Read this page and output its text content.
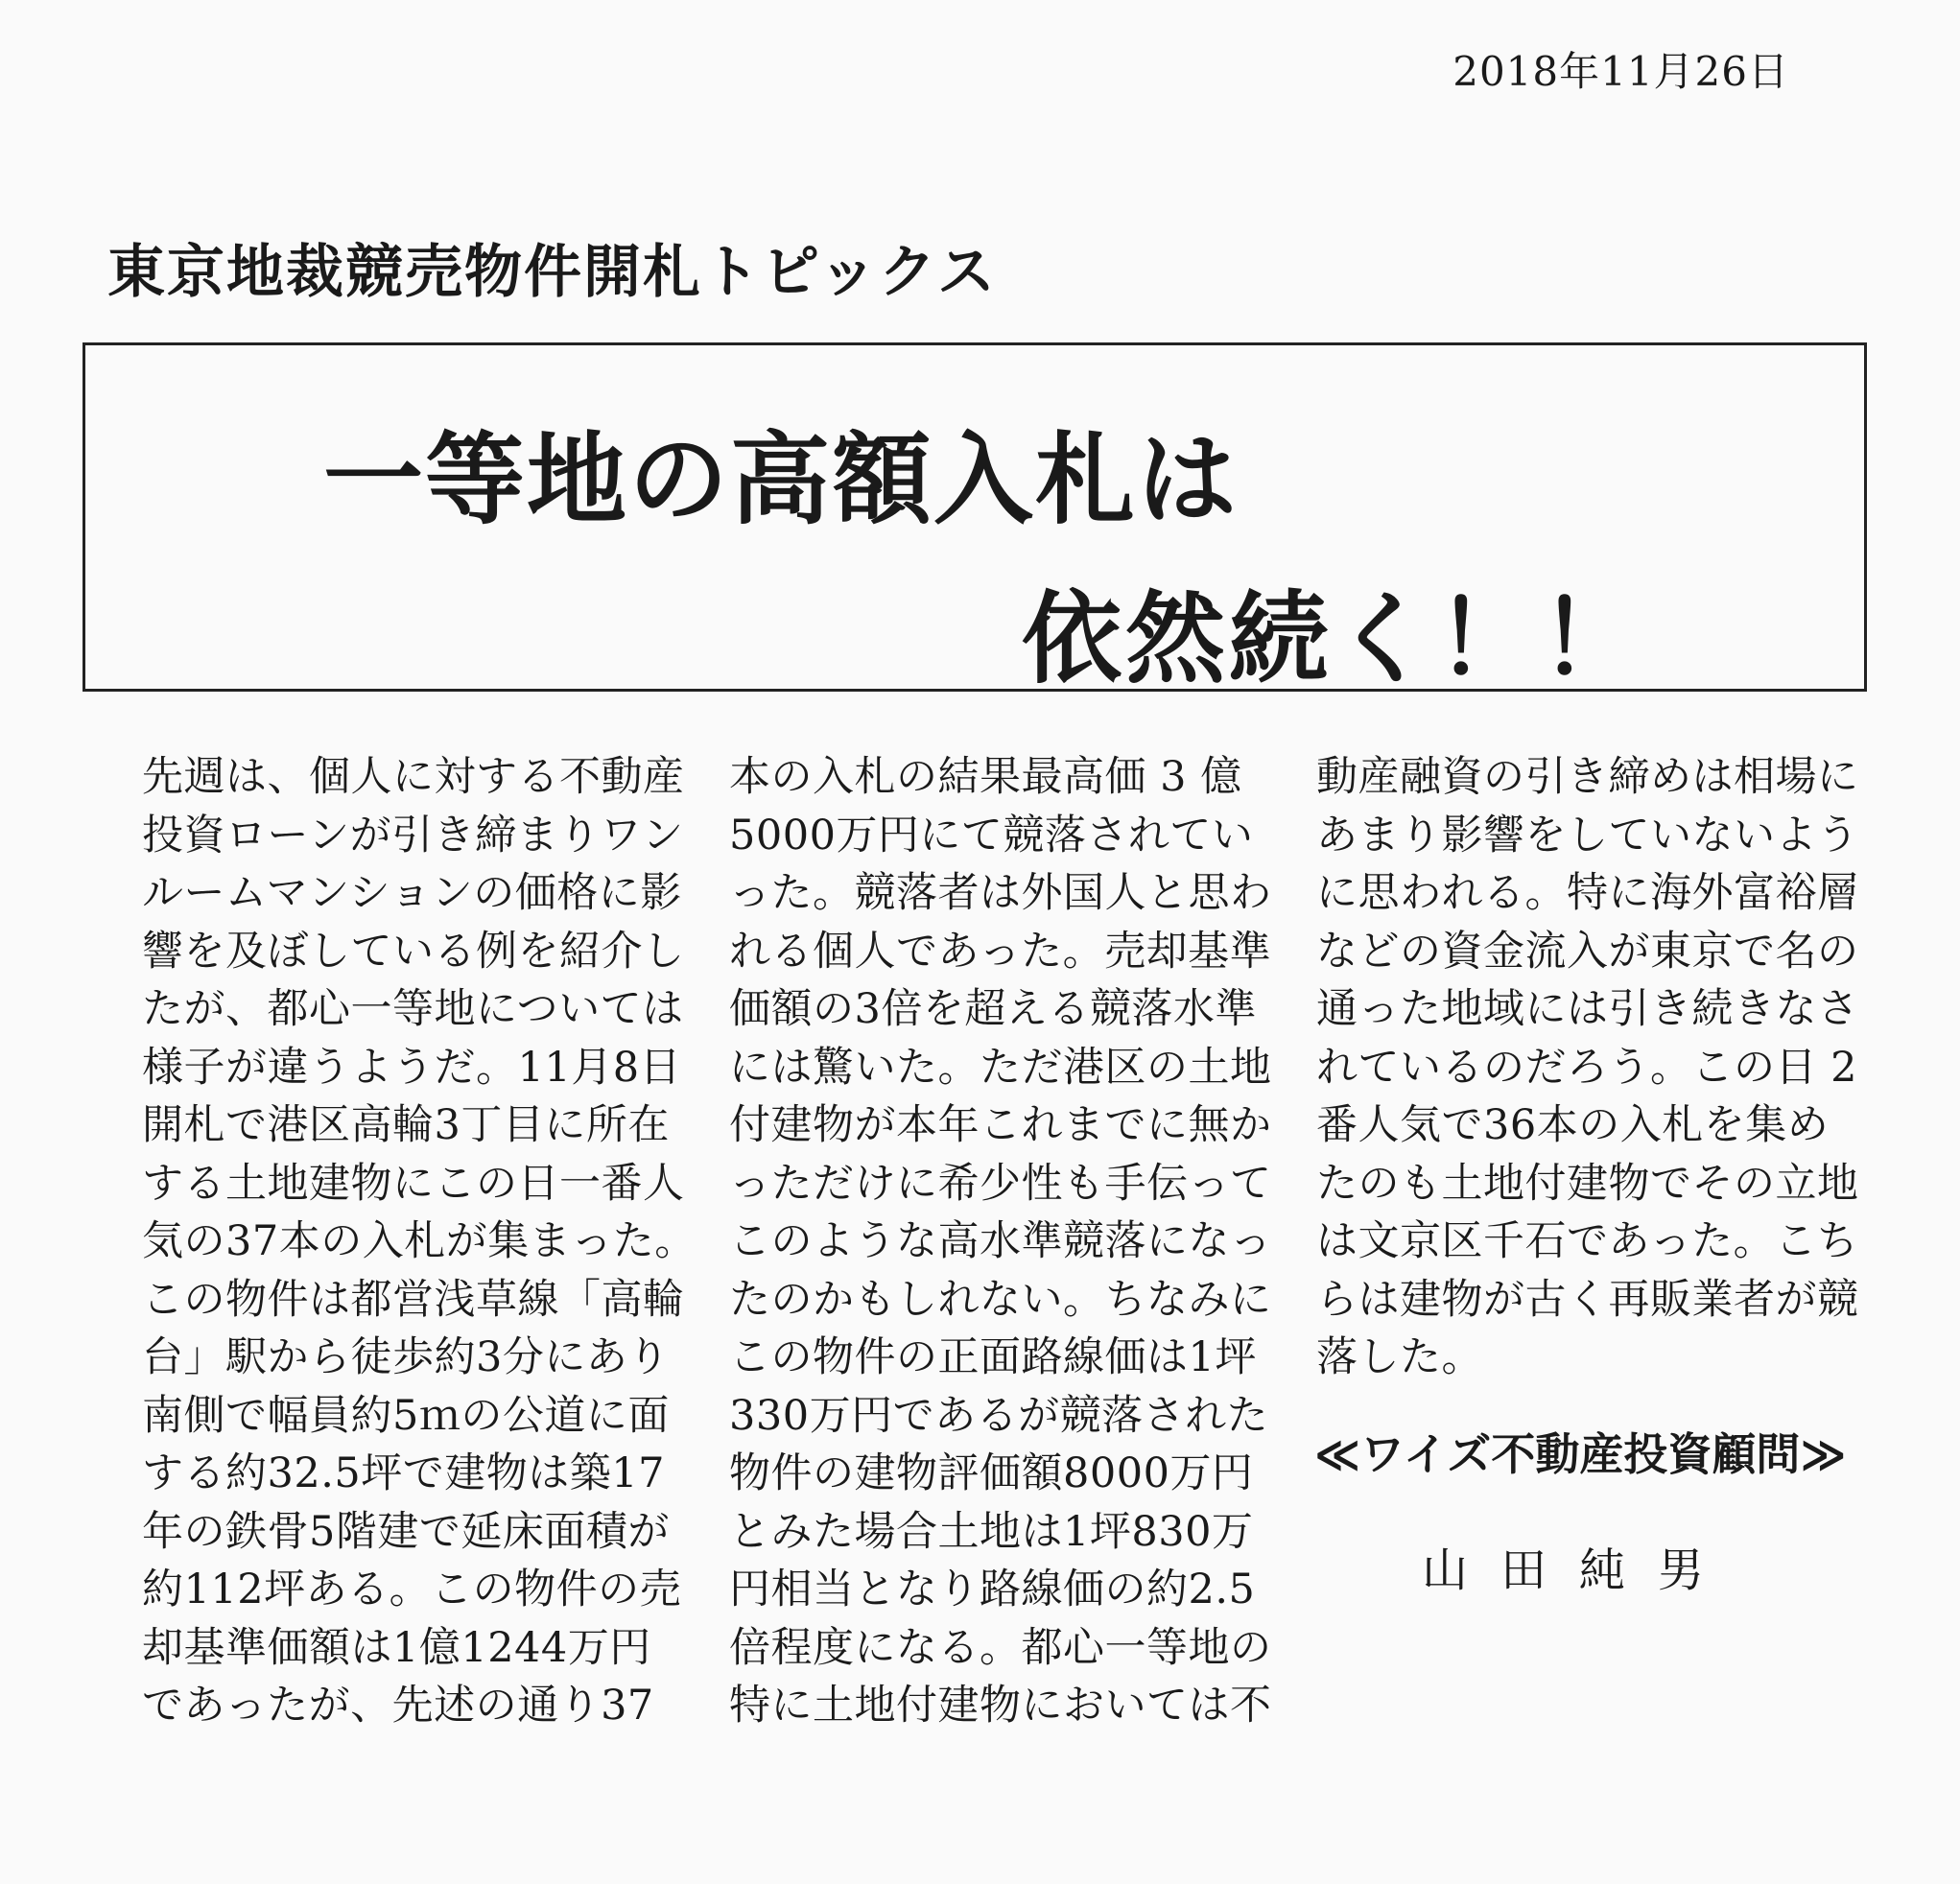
2018年11月26日
東京地裁競売物件開札トピックス
一等地の高額入札は
依然続く！！
先週は、個人に対する不動産
投資ローンが引き締まりワン
ルームマンションの価格に影
響を及ぼしている例を紹介し
たが、都心一等地については
様子が違うようだ。11月8日
開札で港区高輪3丁目に所在
する土地建物にこの日一番人
気の37本の入札が集まった。
この物件は都営浅草線「高輪
台」駅から徒歩約3分にあり
南側で幅員約5ｍの公道に面
する約32.5坪で建物は築17
年の鉄骨5階建で延床面積が
約112坪ある。この物件の売
却基準価額は1億1244万円
であったが、先述の通り37
本の入札の結果最高価 3 億
5000万円にて競落されてい
った。競落者は外国人と思わ
れる個人であった。売却基準
価額の3倍を超える競落水準
には驚いた。ただ港区の土地
付建物が本年これまでに無か
っただけに希少性も手伝って
このような高水準競落になっ
たのかもしれない。ちなみに
この物件の正面路線価は1坪
330万円であるが競落された
物件の建物評価額8000万円
とみた場合土地は1坪830万
円相当となり路線価の約2.5
倍程度になる。都心一等地の
特に土地付建物においては不
動産融資の引き締めは相場に
あまり影響をしていないよう
に思われる。特に海外富裕層
などの資金流入が東京で名の
通った地域には引き続きなさ
れているのだろう。この日 2
番人気で36本の入札を集め
たのも土地付建物でその立地
は文京区千石であった。こち
らは建物が古く再販業者が競
落した。
≪ワイズ不動産投資顧問≫
山田純男
